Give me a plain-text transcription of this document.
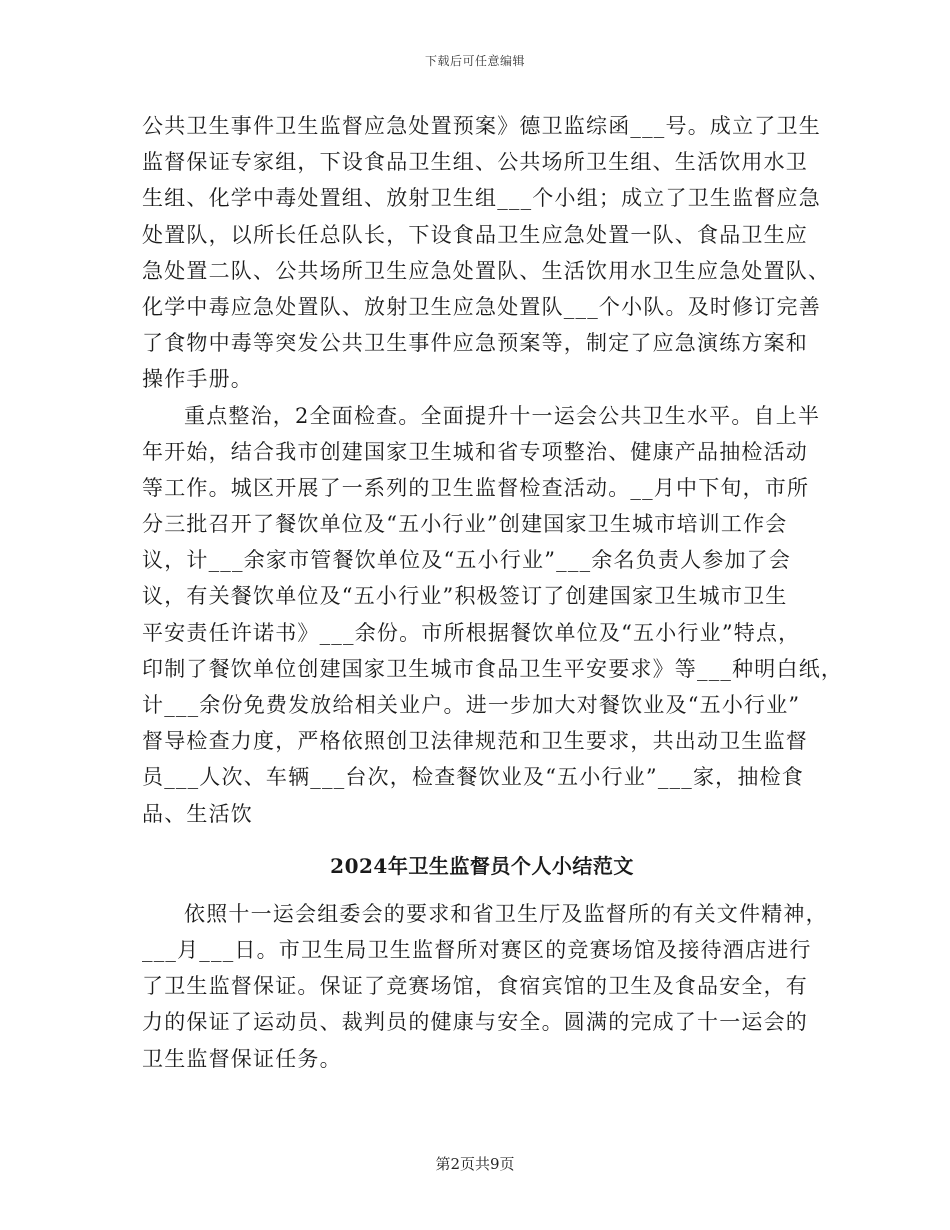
下载后可任意编辑
公共卫生事件卫生监督应急处置预案》德卫监综函___号。成立了卫生
监督保证专家组，下设食品卫生组、公共场所卫生组、生活饮用水卫
生组、化学中毒处置组、放射卫生组___个小组；成立了卫生监督应急
处置队，以所长任总队长，下设食品卫生应急处置一队、食品卫生应
急处置二队、公共场所卫生应急处置队、生活饮用水卫生应急处置队、
化学中毒应急处置队、放射卫生应急处置队___个小队。及时修订完善
了食物中毒等突发公共卫生事件应急预案等，制定了应急演练方案和
操作手册。
重点整治，2全面检查。全面提升十一运会公共卫生水平。自上半
年开始，结合我市创建国家卫生城和省专项整治、健康产品抽检活动
等工作。城区开展了一系列的卫生监督检查活动。__月中下旬，市所
分三批召开了餐饮单位及“五小行业”创建国家卫生城市培训工作会
议，计___余家市管餐饮单位及“五小行业”___余名负责人参加了会
议，有关餐饮单位及“五小行业”积极签订了创建国家卫生城市卫生
平安责任许诺书》___余份。市所根据餐饮单位及“五小行业”特点，
印制了餐饮单位创建国家卫生城市食品卫生平安要求》等___种明白纸，
计___余份免费发放给相关业户。进一步加大对餐饮业及“五小行业”
督导检查力度，严格依照创卫法律规范和卫生要求，共出动卫生监督
员___人次、车辆___台次，检查餐饮业及“五小行业”___家，抽检食
品、生活饮
2024年卫生监督员个人小结范文
依照十一运会组委会的要求和省卫生厅及监督所的有关文件精神，
___月___日。市卫生局卫生监督所对赛区的竞赛场馆及接待酒店进行
了卫生监督保证。保证了竞赛场馆，食宿宾馆的卫生及食品安全，有
力的保证了运动员、裁判员的健康与安全。圆满的完成了十一运会的
卫生监督保证任务。
第2页共9页
